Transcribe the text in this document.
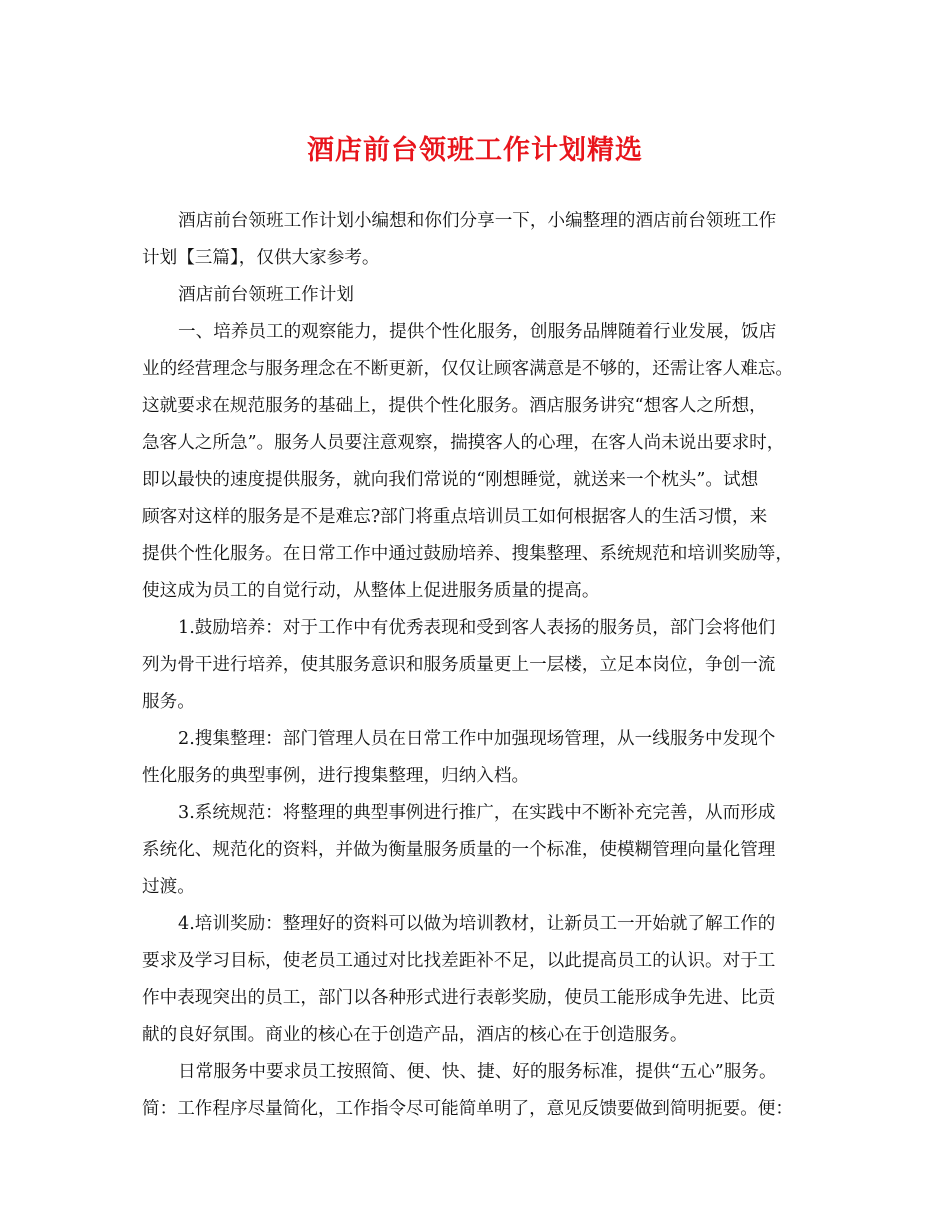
酒店前台领班工作计划精选
酒店前台领班工作计划小编想和你们分享一下，小编整理的酒店前台领班工作
计划【三篇】，仅供大家参考。
酒店前台领班工作计划
一、培养员工的观察能力，提供个性化服务，创服务品牌随着行业发展，饭店
业的经营理念与服务理念在不断更新，仅仅让顾客满意是不够的，还需让客人难忘。
这就要求在规范服务的基础上，提供个性化服务。酒店服务讲究“想客人之所想，
急客人之所急”。服务人员要注意观察，揣摸客人的心理，在客人尚未说出要求时，
即以最快的速度提供服务，就向我们常说的“刚想睡觉，就送来一个枕头”。试想
顾客对这样的服务是不是难忘?部门将重点培训员工如何根据客人的生活习惯，来
提供个性化服务。在日常工作中通过鼓励培养、搜集整理、系统规范和培训奖励等，
使这成为员工的自觉行动，从整体上促进服务质量的提高。
1.鼓励培养：对于工作中有优秀表现和受到客人表扬的服务员，部门会将他们
列为骨干进行培养，使其服务意识和服务质量更上一层楼，立足本岗位，争创一流
服务。
2.搜集整理：部门管理人员在日常工作中加强现场管理，从一线服务中发现个
性化服务的典型事例，进行搜集整理，归纳入档。
3.系统规范：将整理的典型事例进行推广，在实践中不断补充完善，从而形成
系统化、规范化的资料，并做为衡量服务质量的一个标准，使模糊管理向量化管理
过渡。
4.培训奖励：整理好的资料可以做为培训教材，让新员工一开始就了解工作的
要求及学习目标，使老员工通过对比找差距补不足，以此提高员工的认识。对于工
作中表现突出的员工，部门以各种形式进行表彰奖励，使员工能形成争先进、比贡
献的良好氛围。商业的核心在于创造产品，酒店的核心在于创造服务。
日常服务中要求员工按照简、便、快、捷、好的服务标准，提供“五心”服务。
简：工作程序尽量简化，工作指令尽可能简单明了，意见反馈要做到简明扼要。便：
